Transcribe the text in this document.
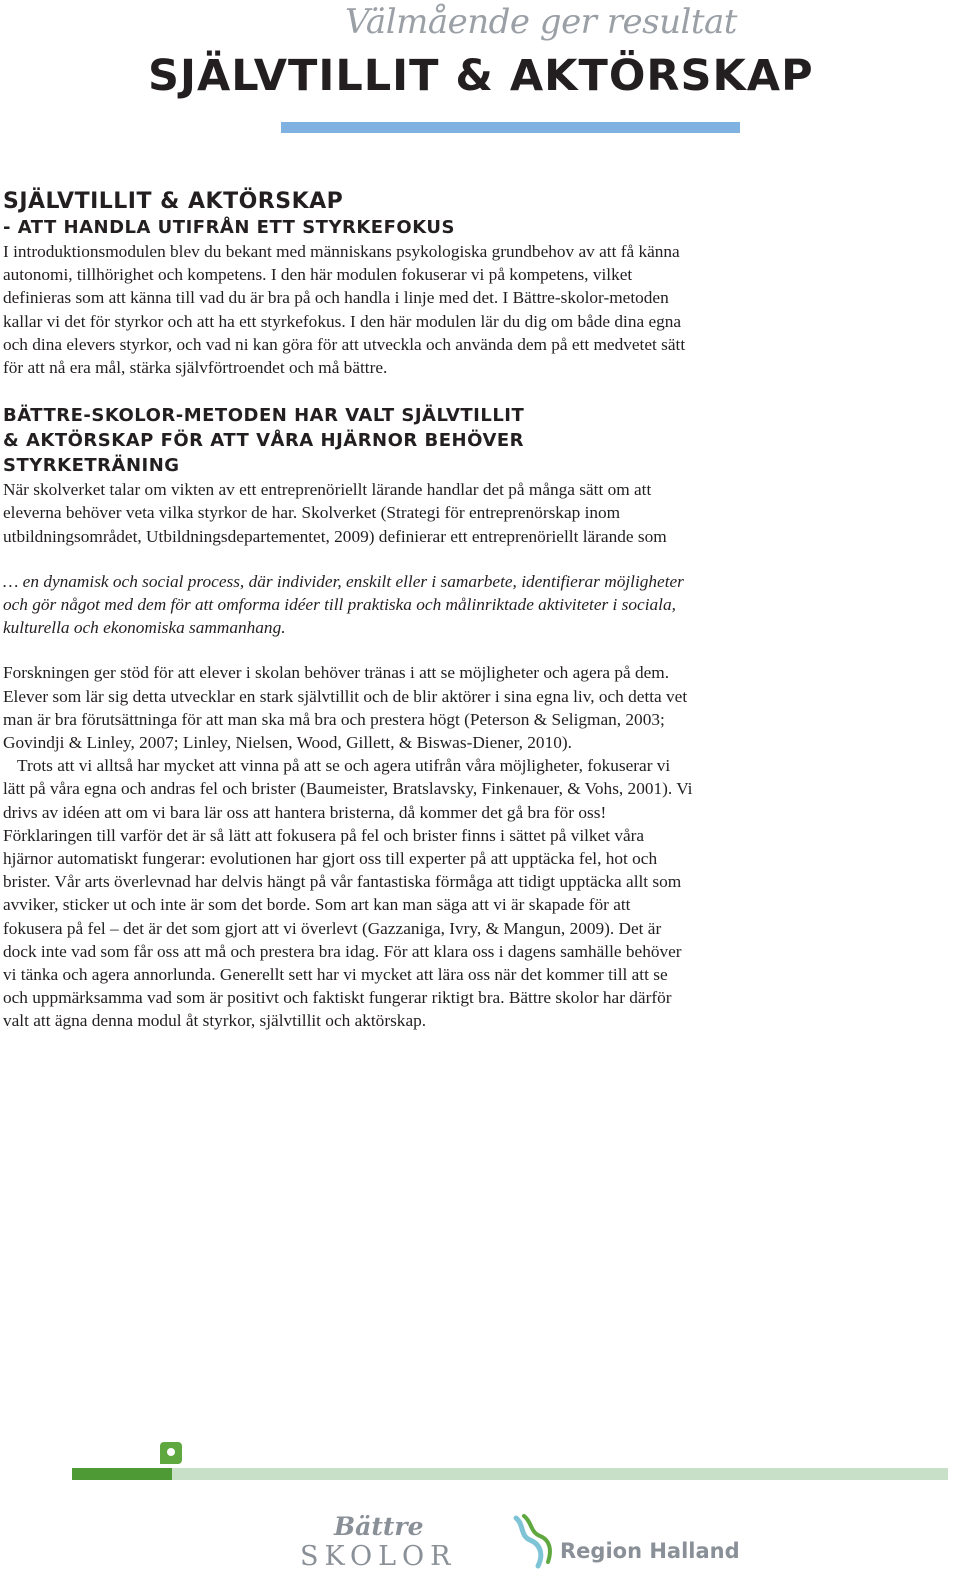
Välmående ger resultat
SJÄLVTILLIT & AKTÖRSKAP
SJÄLVTILLIT & AKTÖRSKAP
- ATT HANDLA UTIFRÅN ETT STYRKEFOKUS

I introduktionsmodulen blev du bekant med människans psykologiska grundbehov av att få känna autonomi, tillhörighet och kompetens. I den här modulen fokuserar vi på kompetens, vilket definieras som att känna till vad du är bra på och handla i linje med det. I Bättre-skolor-metoden kallar vi det för styrkor och att ha ett styrkefokus. I den här modulen lär du dig om både dina egna och dina elevers styrkor, och vad ni kan göra för att utveckla och använda dem på ett medvetet sätt för att nå era mål, stärka självförtroendet och må bättre.

BÄTTRE-SKOLOR-METODEN HAR VALT SJÄLVTILLIT
& AKTÖRSKAP FÖR ATT VÅRA HJÄRNOR BEHÖVER
STYRKETRÄNING

När skolverket talar om vikten av ett entreprenöriellt lärande handlar det på många sätt om att eleverna behöver veta vilka styrkor de har. Skolverket (Strategi för entreprenörskap inom utbildningsområdet, Utbildningsdepartementet, 2009) definierar ett entreprenöriellt lärande som

… en dynamisk och social process, där individer, enskilt eller i samarbete, identifierar möjligheter och gör något med dem för att omforma idéer till praktiska och målinriktade aktiviteter i sociala, kulturella och ekonomiska sammanhang.

Forskningen ger stöd för att elever i skolan behöver tränas i att se möjligheter och agera på dem. Elever som lär sig detta utvecklar en stark självtillit och de blir aktörer i sina egna liv, och detta vet man är bra förutsättninga för att man ska må bra och prestera högt (Peterson & Seligman, 2003; Govindji & Linley, 2007; Linley, Nielsen, Wood, Gillett, & Biswas-Diener, 2010).

Trots att vi alltså har mycket att vinna på att se och agera utifrån våra möjligheter, fokuserar vi lätt på våra egna och andras fel och brister (Baumeister, Bratslavsky, Finkenauer, & Vohs, 2001). Vi drivs av idéen att om vi bara lär oss att hantera bristerna, då kommer det gå bra för oss! Förklaringen till varför det är så lätt att fokusera på fel och brister finns i sättet på vilket våra hjärnor automatiskt fungerar: evolutionen har gjort oss till experter på att upptäcka fel, hot och brister. Vår arts överlevnad har delvis hängt på vår fantastiska förmåga att tidigt upptäcka allt som avviker, sticker ut och inte är som det borde. Som art kan man säga att vi är skapade för att fokusera på fel – det är det som gjort att vi överlevt (Gazzaniga, Ivry, & Mangun, 2009). Det är dock inte vad som får oss att må och prestera bra idag. För att klara oss i dagens samhälle behöver vi tänka och agera annorlunda. Generellt sett har vi mycket att lära oss när det kommer till att se och uppmärksamma vad som är positivt och faktiskt fungerar riktigt bra. Bättre skolor har därför valt att ägna denna modul åt styrkor, självtillit och aktörskap.

Bättre
SKOLOR	Region Halland
